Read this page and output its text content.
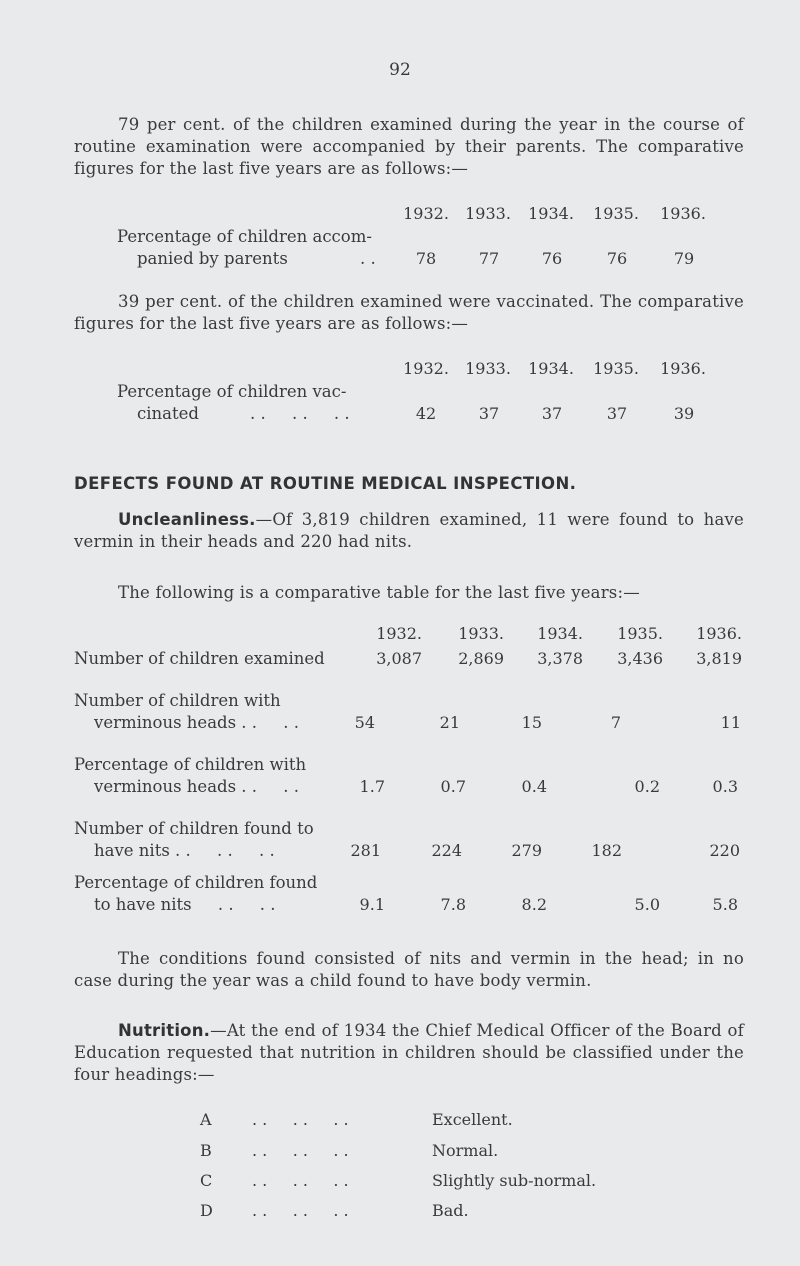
92
79 per cent. of the children examined during the year in the course of routine examination were accompanied by their parents. The comparative figures for the last five years are as follows:—
1932.	1933.	1934.	1935.	1936.
Percentage of children accom-
panied by parents	. .	78	77	76	76	79
39 per cent. of the children examined were vaccinated. The comparative figures for the last five years are as follows:—
1932.	1933.	1934.	1935.	1936.
Percentage of children vac-
cinated	. .     . .     . .	42	37	37	37	39
DEFECTS FOUND AT ROUTINE MEDICAL INSPECTION.
Uncleanliness.—Of 3,819 children examined, 11 were found to have vermin in their heads and 220 had nits.
The following is a comparative table for the last five years:—
1932.	1933.	1934.	1935.	1936.
Number of children examined	3,087	2,869	3,378	3,436	3,819
Number of children with
verminous heads . .     . .	54	21	15	7	11
Percentage of children with
verminous heads . .     . .	1.7	0.7	0.4	0.2	0.3
Number of children found to
have nits . .     . .     . .	281	224	279	182	220
Percentage of children found
to have nits     . .     . .	9.1	7.8	8.2	5.0	5.8
The conditions found consisted of nits and vermin in the head; in no case during the year was a child found to have body vermin.
Nutrition.—At the end of 1934 the Chief Medical Officer of the Board of Education requested that nutrition in children should be classified under the four headings:—
A	. .     . .     . .	Excellent.
B	. .     . .     . .	Normal.
C . .     . .     . .	Slightly sub-normal.
D . .     . .     . .	Bad.
